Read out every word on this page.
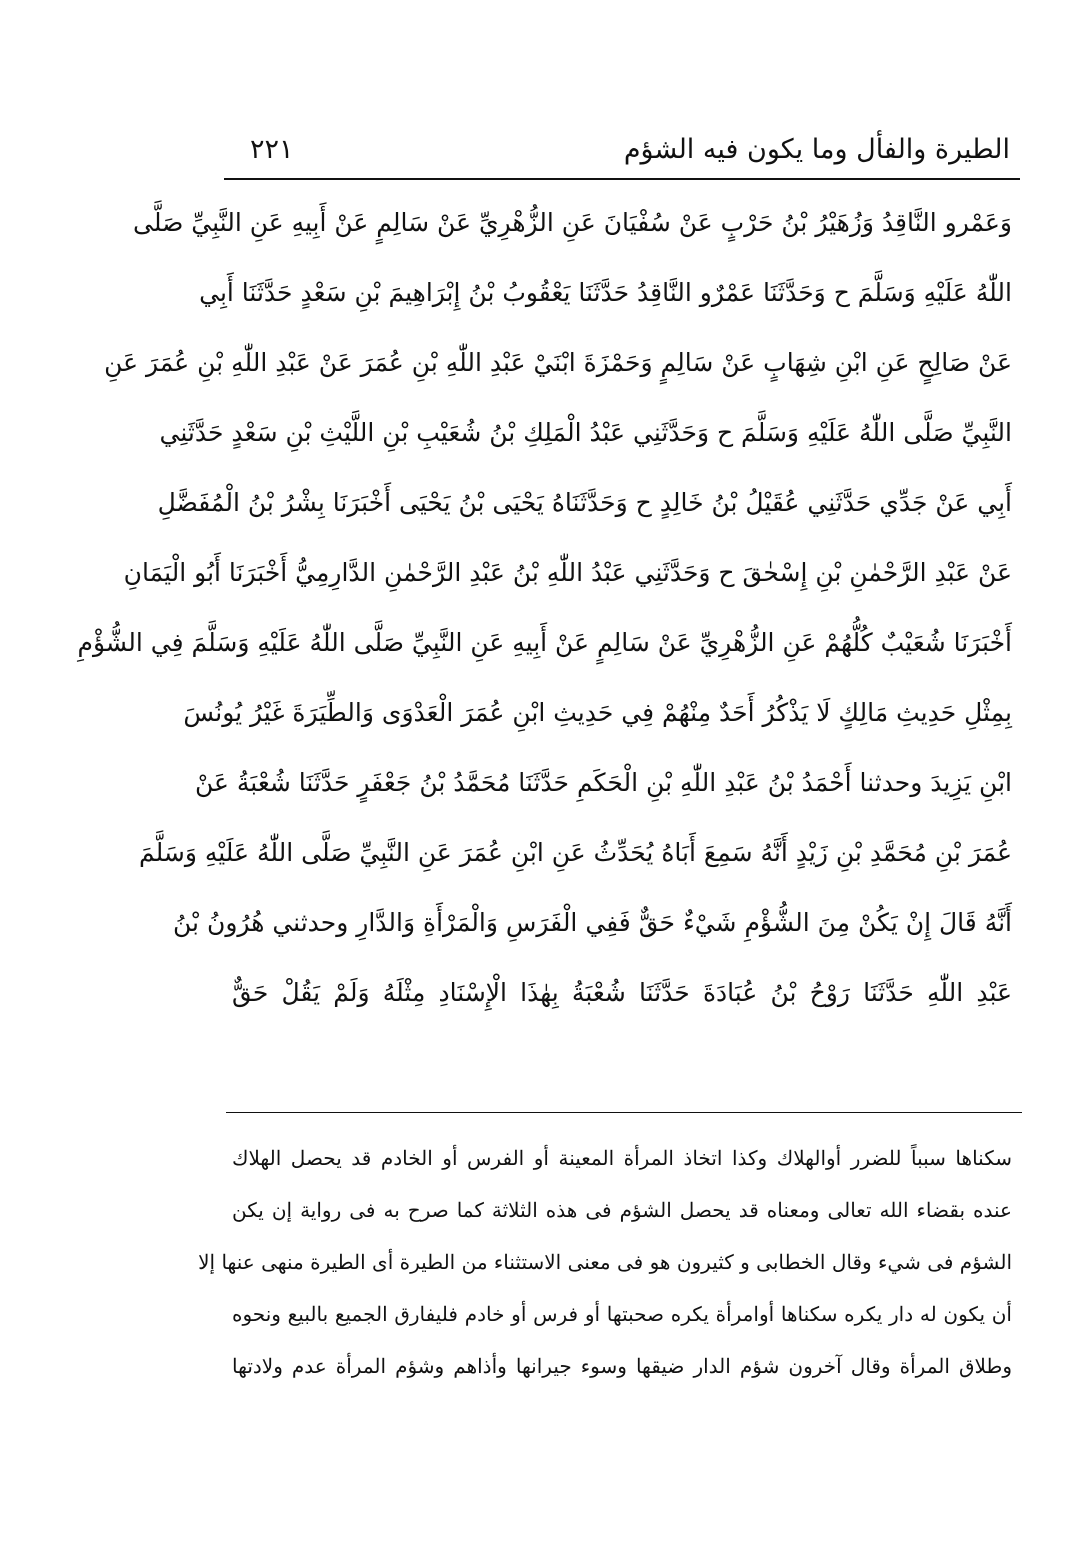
الطيرة والفأل وما يكون فيه الشؤم
٢٢١
وَعَمْرو النَّاقِدُ وَزُهَيْرُ بْنُ حَرْبٍ عَنْ سُفْيَانَ عَنِ الزُّهْرِيِّ عَنْ سَالِمٍ عَنْ أَبِيهِ عَنِ النَّبِيِّ صَلَّى
اللّٰهُ عَلَيْهِ وَسَلَّمَ ح وَحَدَّثَنَا عَمْرٌو النَّاقِدُ حَدَّثَنَا يَعْقُوبُ بْنُ إِبْرَاهِيمَ بْنِ سَعْدٍ حَدَّثَنَا أَبِي
عَنْ صَالِحٍ عَنِ ابْنِ شِهَابٍ عَنْ سَالِمٍ وَحَمْزَةَ ابْنَيْ عَبْدِ اللّٰهِ بْنِ عُمَرَ عَنْ عَبْدِ اللّٰهِ بْنِ عُمَرَ عَنِ
النَّبِيِّ صَلَّى اللّٰهُ عَلَيْهِ وَسَلَّمَ ح وَحَدَّثَنِي عَبْدُ الْمَلِكِ بْنُ شُعَيْبِ بْنِ اللَّيْثِ بْنِ سَعْدٍ حَدَّثَنِي
أَبِي عَنْ جَدِّي حَدَّثَنِي عُقَيْلُ بْنُ خَالِدٍ ح وَحَدَّثَنَاهُ يَحْيَى بْنُ يَحْيَى أَخْبَرَنَا بِشْرُ بْنُ الْمُفَضَّلِ
عَنْ عَبْدِ الرَّحْمٰنِ بْنِ إِسْحٰقَ ح وَحَدَّثَنِي عَبْدُ اللّٰهِ بْنُ عَبْدِ الرَّحْمٰنِ الدَّارِمِيُّ أَخْبَرَنَا أَبُو الْيَمَانِ
أَخْبَرَنَا شُعَيْبٌ كُلُّهُمْ عَنِ الزُّهْرِيِّ عَنْ سَالِمٍ عَنْ أَبِيهِ عَنِ النَّبِيِّ صَلَّى اللّٰهُ عَلَيْهِ وَسَلَّمَ فِي الشُّؤْمِ
بِمِثْلِ حَدِيثِ مَالِكٍ لَا يَذْكُرُ أَحَدٌ مِنْهُمْ فِي حَدِيثِ ابْنِ عُمَرَ الْعَدْوَى وَالطِّيَرَةَ غَيْرُ يُونُسَ
ابْنِ يَزِيدَ وحدثنا أَحْمَدُ بْنُ عَبْدِ اللّٰهِ بْنِ الْحَكَمِ حَدَّثَنَا مُحَمَّدُ بْنُ جَعْفَرٍ حَدَّثَنَا شُعْبَةُ عَنْ
عُمَرَ بْنِ مُحَمَّدِ بْنِ زَيْدٍ أَنَّهُ سَمِعَ أَبَاهُ يُحَدِّثُ عَنِ ابْنِ عُمَرَ عَنِ النَّبِيِّ صَلَّى اللّٰهُ عَلَيْهِ وَسَلَّمَ
أَنَّهُ قَالَ إِنْ يَكُنْ مِنَ الشُّؤْمِ شَيْءٌ حَقٌّ فَفِي الْفَرَسِ وَالْمَرْأَةِ وَالدَّارِ وحدثني هُرُونُ بْنُ
عَبْدِ اللّٰهِ حَدَّثَنَا رَوْحُ بْنُ عُبَادَةَ حَدَّثَنَا شُعْبَةُ بِهٰذَا الْإِسْنَادِ مِثْلَهُ وَلَمْ يَقُلْ حَقٌّ
سكناها سبباً للضرر أوالهلاك وكذا اتخاذ المرأة المعينة أو الفرس أو الخادم قد يحصل الهلاك
عنده بقضاء الله تعالى ومعناه قد يحصل الشؤم فى هذه الثلاثة كما صرح به فى رواية إن يكن
الشؤم فى شيء وقال الخطابى و كثيرون هو فى معنى الاستثناء من الطيرة أى الطيرة منهى عنها إلا
أن يكون له دار يكره سكناها أوامرأة يكره صحبتها أو فرس أو خادم فليفارق الجميع بالبيع ونحوه
وطلاق المرأة وقال آخرون شؤم الدار ضيقها وسوء جيرانها وأذاهم وشؤم المرأة عدم ولادتها
